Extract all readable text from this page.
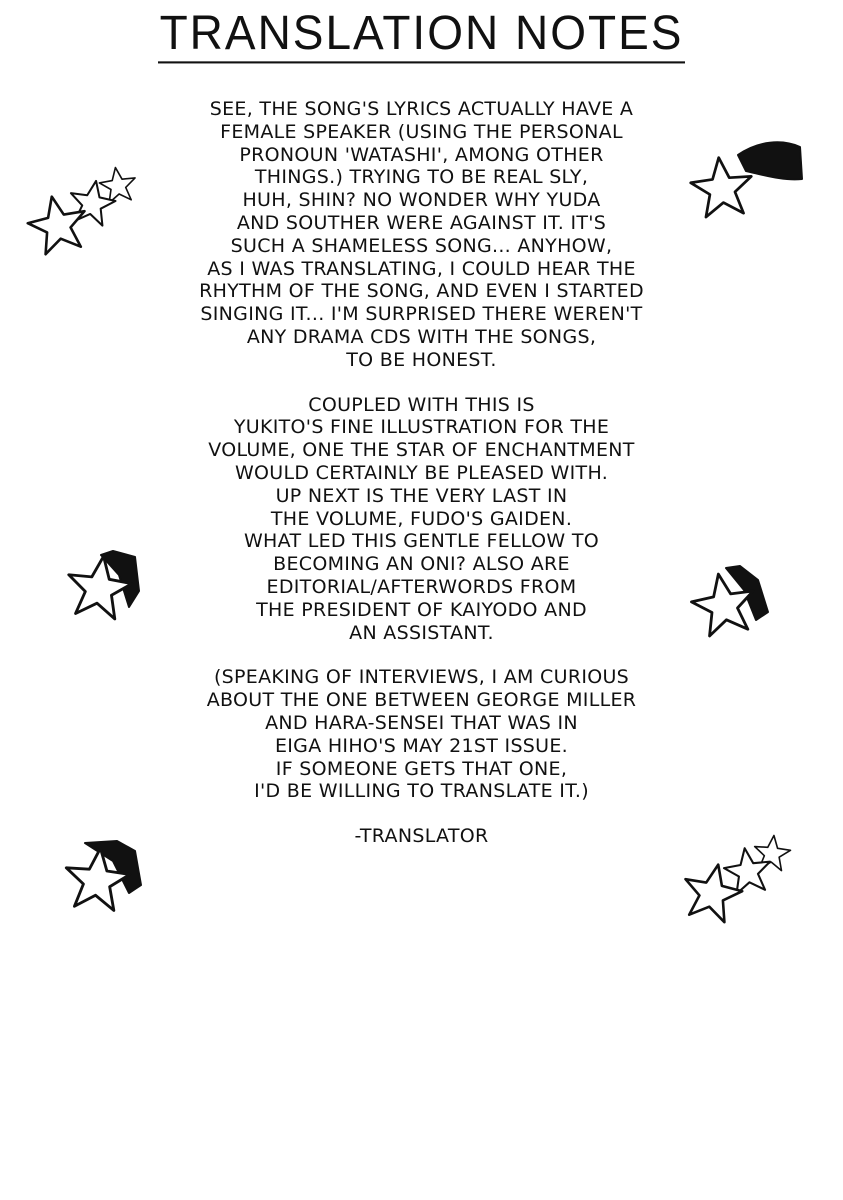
TRANSLATION NOTES

SEE, THE SONG'S LYRICS ACTUALLY HAVE A
FEMALE SPEAKER (USING THE PERSONAL
PRONOUN 'WATASHI', AMONG OTHER
THINGS.) TRYING TO BE REAL SLY,
HUH, SHIN? NO WONDER WHY YUDA
AND SOUTHER WERE AGAINST IT. IT'S
SUCH A SHAMELESS SONG... ANYHOW,
AS I WAS TRANSLATING, I COULD HEAR THE
RHYTHM OF THE SONG, AND EVEN I STARTED
SINGING IT... I'M SURPRISED THERE WEREN'T
ANY DRAMA CDS WITH THE SONGS,
TO BE HONEST.

COUPLED WITH THIS IS
YUKITO'S FINE ILLUSTRATION FOR THE
VOLUME, ONE THE STAR OF ENCHANTMENT
WOULD CERTAINLY BE PLEASED WITH.
UP NEXT IS THE VERY LAST IN
THE VOLUME, FUDO'S GAIDEN.
WHAT LED THIS GENTLE FELLOW TO
BECOMING AN ONI? ALSO ARE
EDITORIAL/AFTERWORDS FROM
THE PRESIDENT OF KAIYODO AND
AN ASSISTANT.

(SPEAKING OF INTERVIEWS, I AM CURIOUS
ABOUT THE ONE BETWEEN GEORGE MILLER
AND HARA-SENSEI THAT WAS IN
EIGA HIHO'S MAY 21ST ISSUE.
IF SOMEONE GETS THAT ONE,
I'D BE WILLING TO TRANSLATE IT.)

-TRANSLATOR
